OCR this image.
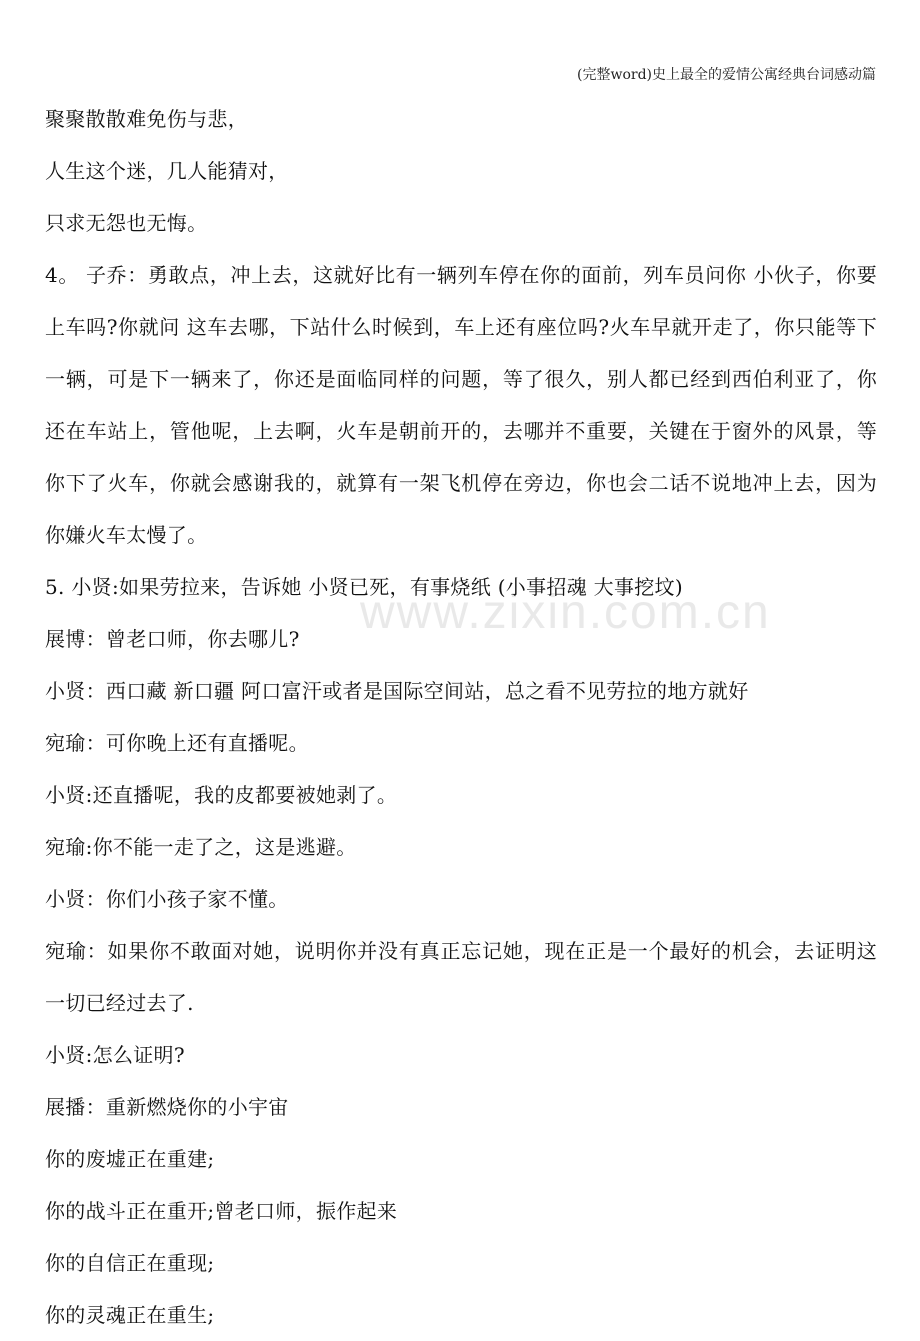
(完整word)史上最全的爱情公寓经典台词感动篇
www.zixin.com.cn
聚聚散散难免伤与悲，
人生这个迷，几人能猜对，
只求无怨也无悔。
4。 子乔：勇敢点，冲上去，这就好比有一辆列车停在你的面前，列车员问你 小伙子，你要上车吗?你就问 这车去哪，下站什么时候到，车上还有座位吗?火车早就开走了，你只能等下一辆，可是下一辆来了，你还是面临同样的问题，等了很久，别人都已经到西伯利亚了，你还在车站上，管他呢，上去啊，火车是朝前开的，去哪并不重要，关键在于窗外的风景，等你下了火车，你就会感谢我的，就算有一架飞机停在旁边，你也会二话不说地冲上去，因为你嫌火车太慢了。
5. 小贤:如果劳拉来，告诉她 小贤已死，有事烧纸 (小事招魂 大事挖坟)
展博：曾老口师，你去哪儿?
小贤：西口藏 新口疆 阿口富汗或者是国际空间站，总之看不见劳拉的地方就好
宛瑜：可你晚上还有直播呢。
小贤:还直播呢，我的皮都要被她剥了。
宛瑜:你不能一走了之，这是逃避。
小贤：你们小孩子家不懂。
宛瑜：如果你不敢面对她，说明你并没有真正忘记她，现在正是一个最好的机会，去证明这一切已经过去了.
小贤:怎么证明?
展播：重新燃烧你的小宇宙
你的废墟正在重建;
你的战斗正在重开;曾老口师，振作起来
你的自信正在重现;
你的灵魂正在重生;
